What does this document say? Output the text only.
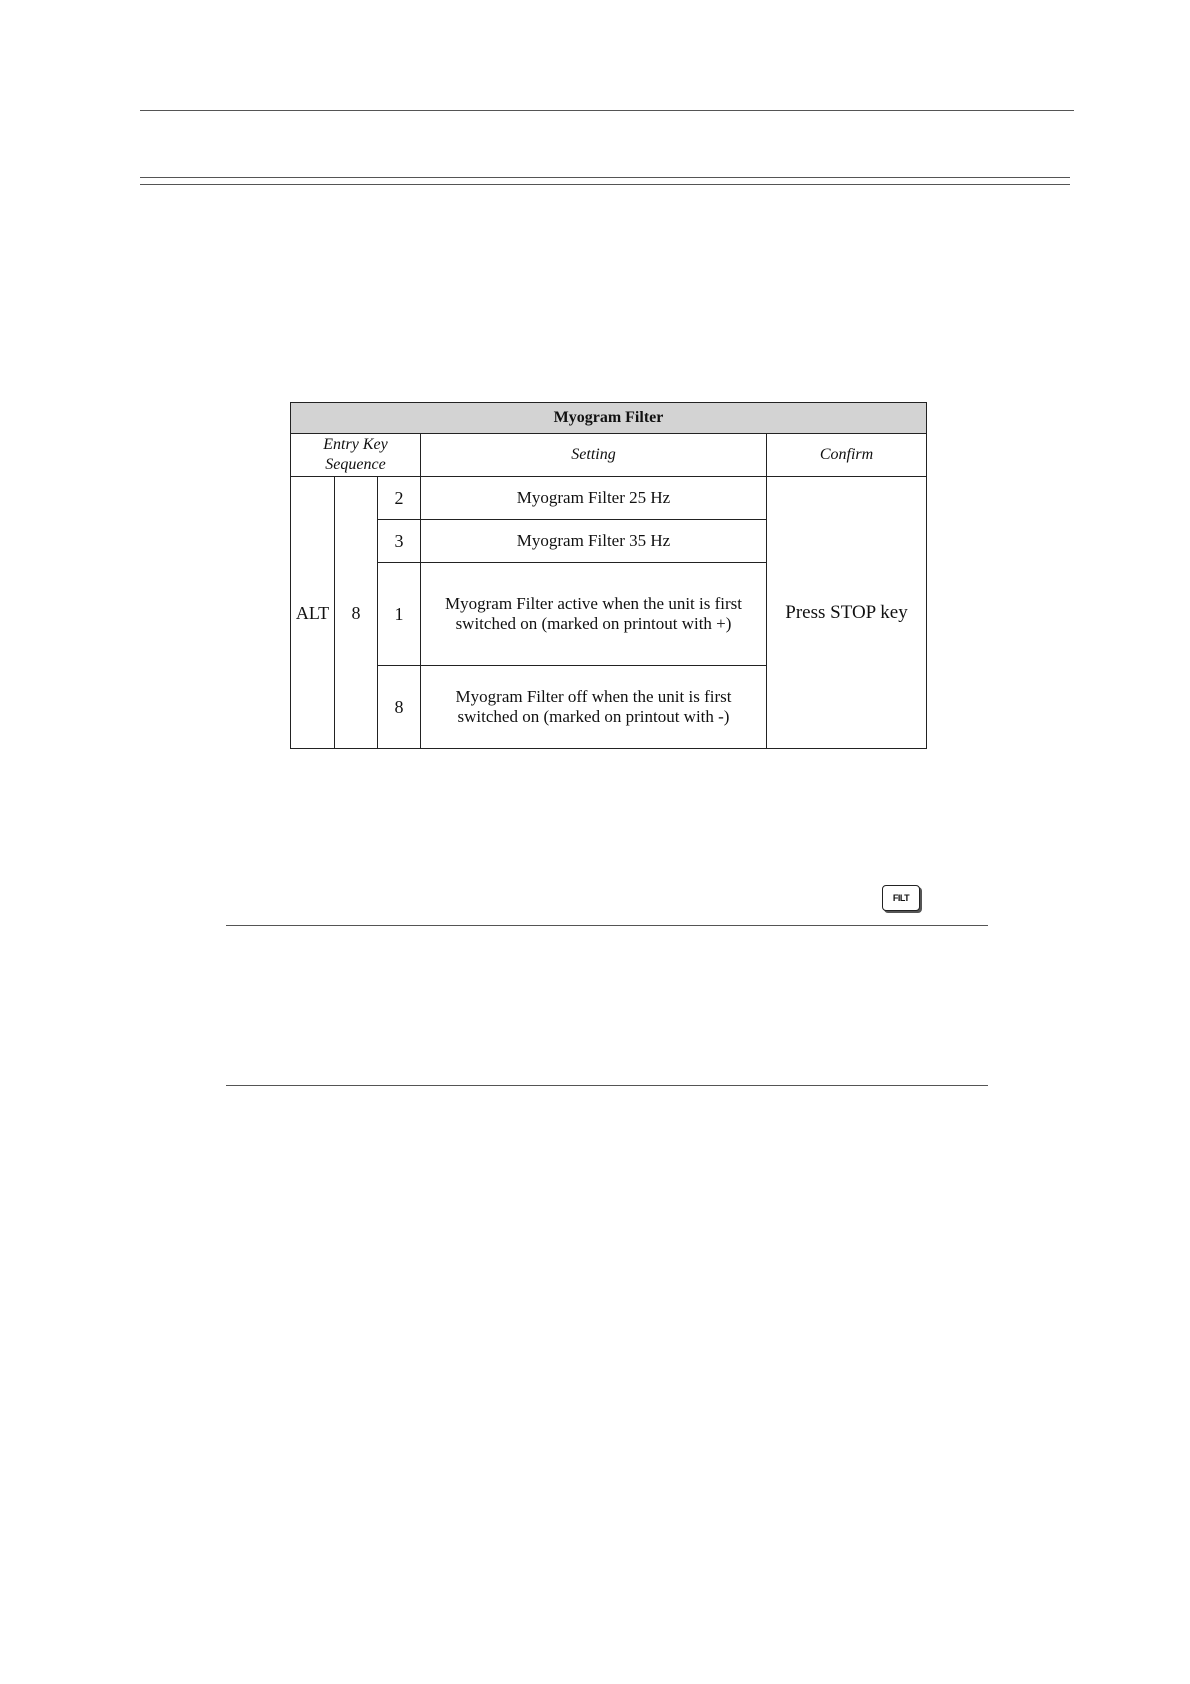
Myogram Filter				
Entry Key Sequence			Setting	Confirm
ALT	8	2	Myogram Filter 25 Hz	Press STOP key
		3	Myogram Filter 35 Hz	
		1	Myogram Filter active when the unit is first switched on (marked on printout with +)	
		8	Myogram Filter off when the unit is first switched on (marked on printout with -)	
FILT
